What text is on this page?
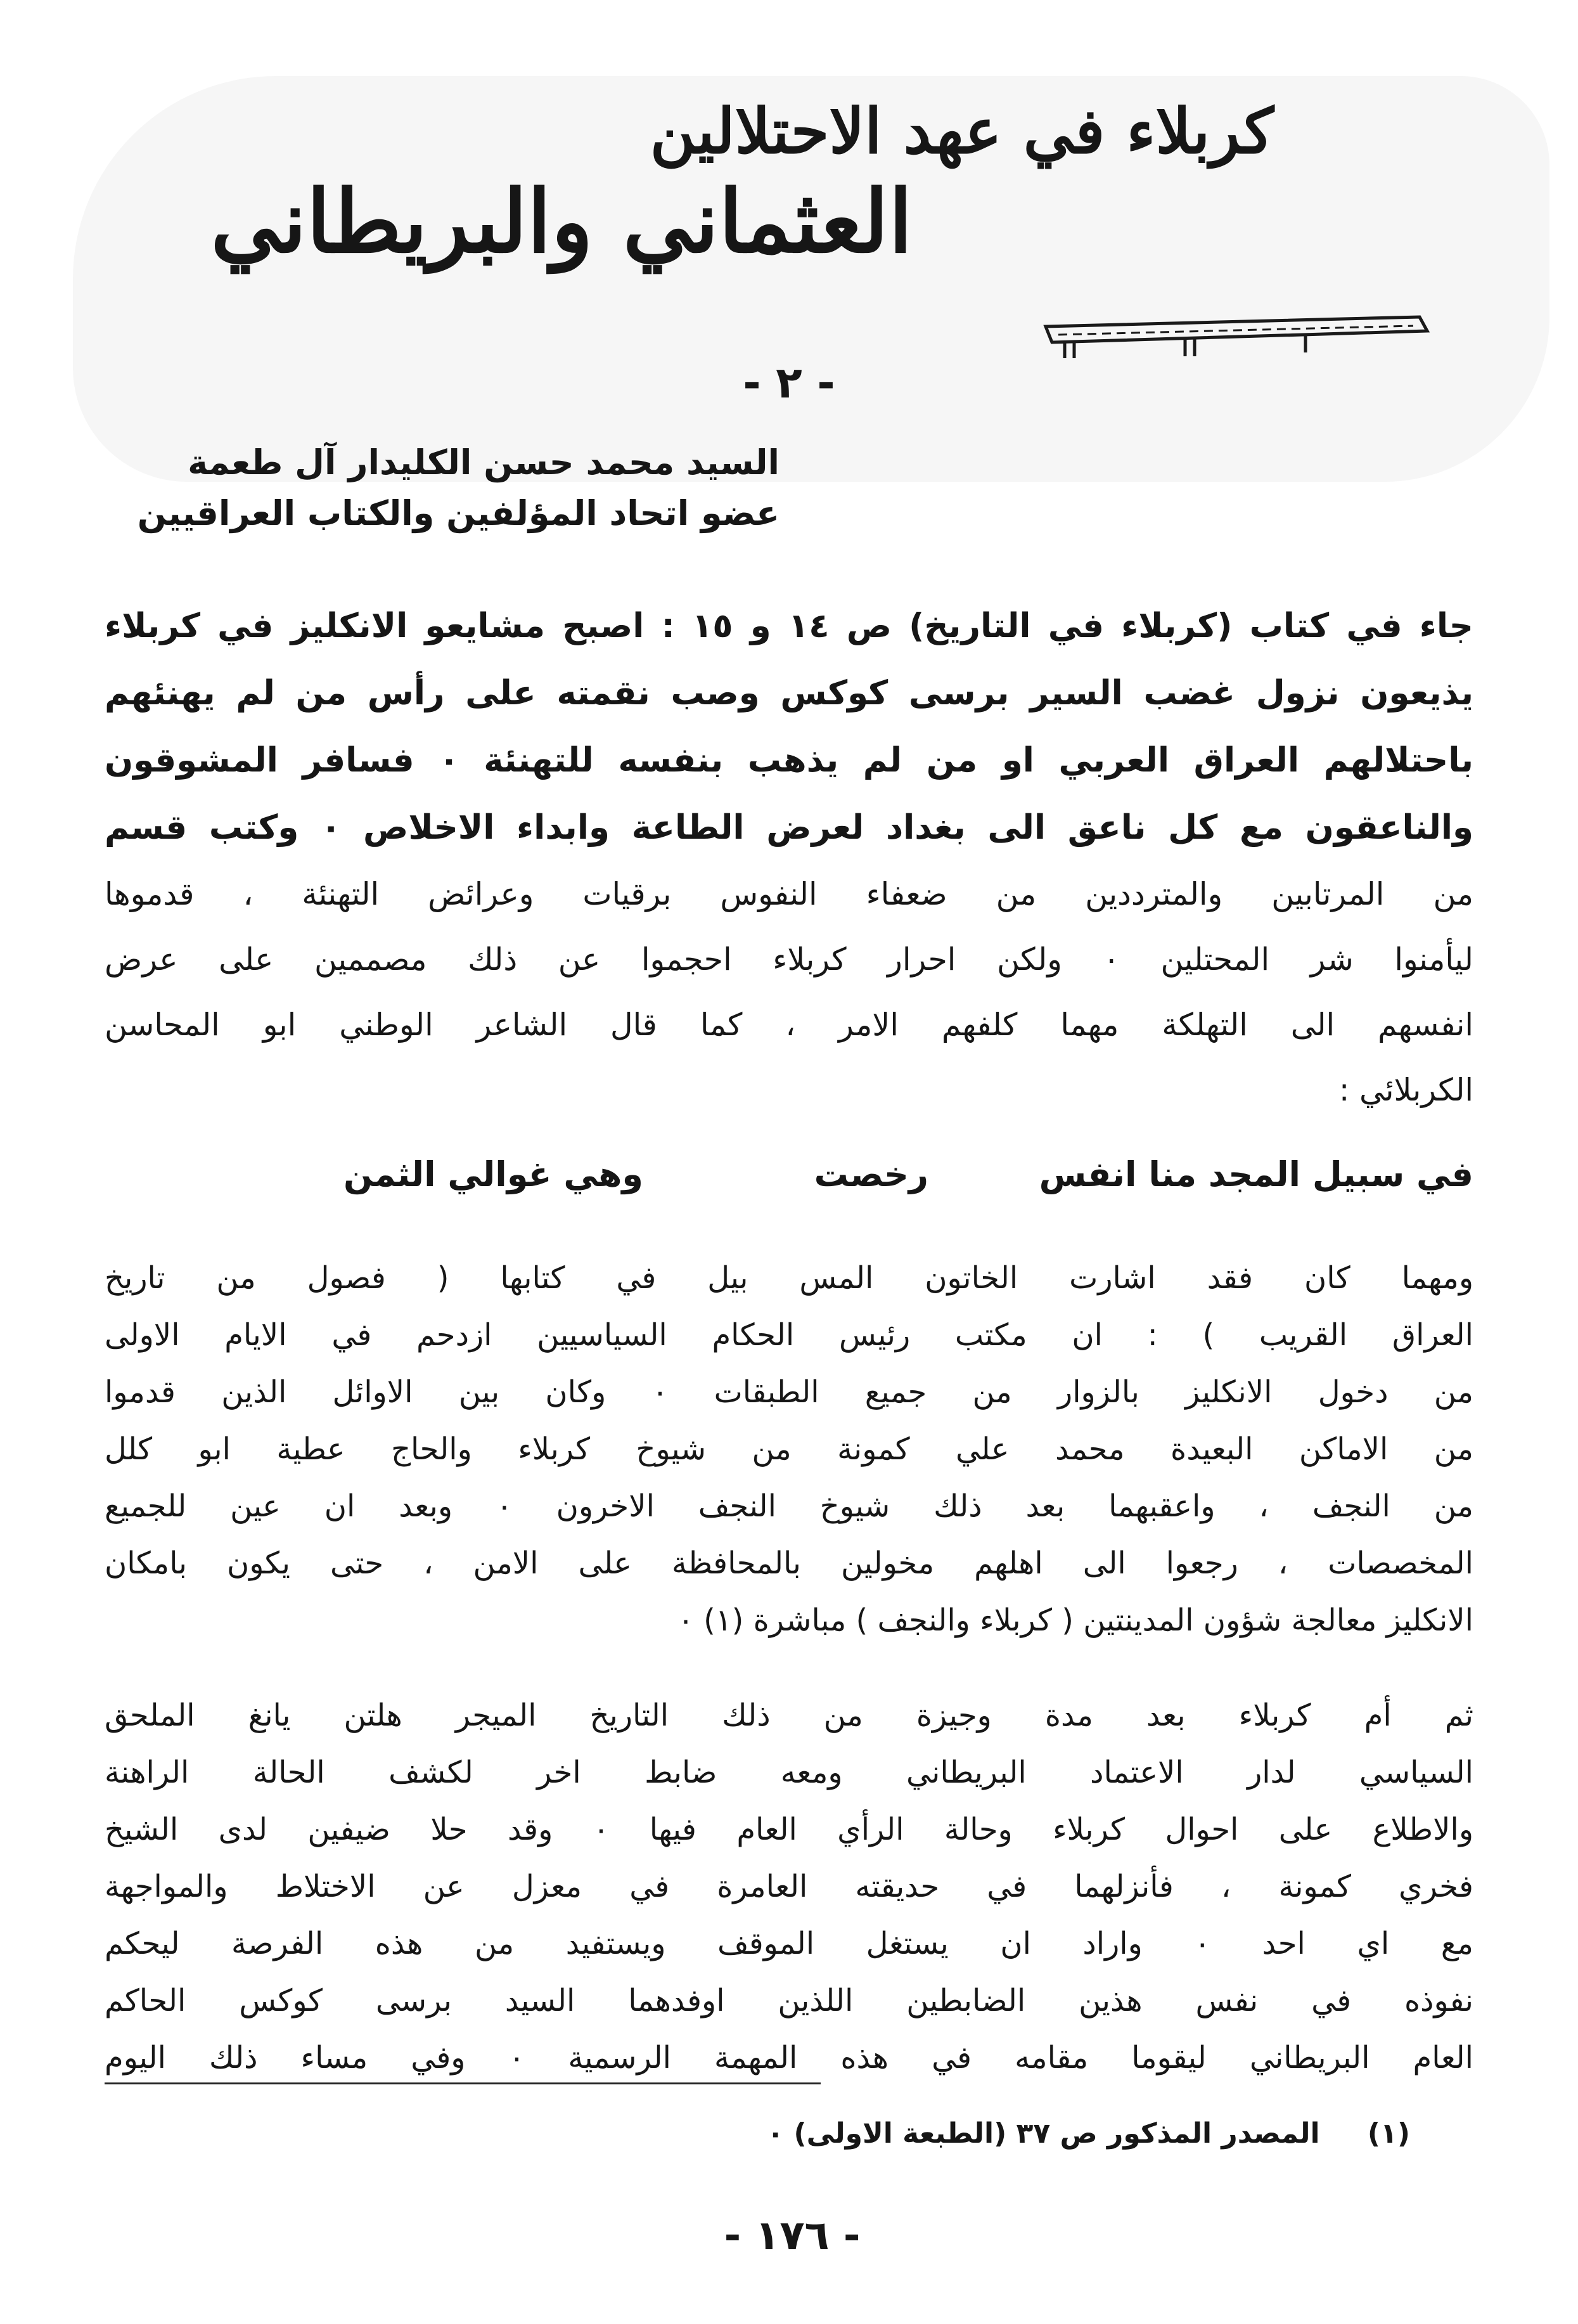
كربلاء في عهد الاحتلالين
العثماني والبريطاني
- ٢ -
السيد محمد حسن الكليدار آل طعمة
عضو اتحاد المؤلفين والكتاب العراقيين

جاء في كتاب (كربلاء في التاريخ) ص ١٤ و ١٥ : اصبح مشايعو الانكليز في كربلاء
يذيعون نزول غضب السير برسى كوكس وصب نقمته على رأس من لم يهنئهم
باحتلالهم العراق العربي او من لم يذهب بنفسه للتهنئة ٠ فسافر المشوقون
والناعقون مع كل ناعق الى بغداد لعرض الطاعة وابداء الاخلاص ٠ وكتب قسم

من المرتابين والمترددين من ضعفاء النفوس برقيات وعرائض التهنئة ، قدموها
ليأمنوا شر المحتلين ٠ ولكن احرار كربلاء احجموا عن ذلك مصممين على عرض
انفسهم الى التهلكة مهما كلفهم الامر ، كما قال الشاعر الوطني ابو المحاسن
الكربلائي :

في سبيل المجد منا انفس
رخصت
وهي غوالي الثمن

ومهما كان فقد اشارت الخاتون المس بيل في كتابها ( فصول من تاريخ
العراق القريب ) : ان مكتب رئيس الحكام السياسيين ازدحم في الايام الاولى
من دخول الانكليز بالزوار من جميع الطبقات ٠ وكان بين الاوائل الذين قدموا
من الاماكن البعيدة محمد علي كمونة من شيوخ كربلاء والحاج عطية ابو كلل
من النجف ، واعقبهما بعد ذلك شيوخ النجف الاخرون ٠ وبعد ان عين للجميع
المخصصات ، رجعوا الى اهلهم مخولين بالمحافظة على الامن ، حتى يكون بامكان
الانكليز معالجة شؤون المدينتين ( كربلاء والنجف ) مباشرة (١) ٠

ثم أم كربلاء بعد مدة وجيزة من ذلك التاريخ الميجر هلتن يانغ الملحق
السياسي لدار الاعتماد البريطاني ومعه ضابط اخر لكشف الحالة الراهنة
والاطلاع على احوال كربلاء وحالة الرأي العام فيها ٠ وقد حلا ضيفين لدى الشيخ
فخري كمونة ، فأنزلهما في حديقته العامرة في معزل عن الاختلاط والمواجهة
مع اي احد ٠ واراد ان يستغل الموقف ويستفيد من هذه الفرصة ليحكم
نفوذه في نفس هذين الضابطين اللذين اوفدهما السيد برسى كوكس الحاكم
العام البريطاني ليقوما مقامه في هذه المهمة الرسمية ٠ وفي مساء ذلك اليوم

(١) المصدر المذكور ص ٣٧ (الطبعة الاولى) ٠
- ١٧٦ -
